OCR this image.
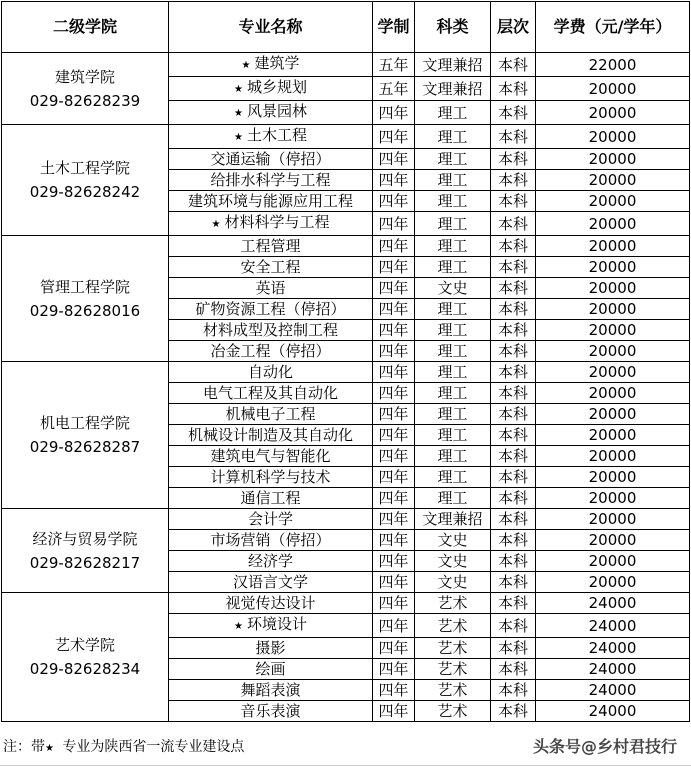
二级学院	专业名称	学制	科类	层次	学费（元/学年）

建筑学院
029-82628239	★ 建筑学	五年	文理兼招	本科	22000
	★ 城乡规划	五年	文理兼招	本科	20000
	★ 风景园林	四年	理工	本科	20000

土木工程学院
029-82628242	★ 土木工程	四年	理工	本科	20000
	交通运输（停招）	四年	理工	本科	20000
	给排水科学与工程	四年	理工	本科	20000
	建筑环境与能源应用工程	四年	理工	本科	20000
	★ 材料科学与工程	四年	理工	本科	20000

管理工程学院
029-82628016	工程管理	四年	理工	本科	20000
	安全工程	四年	理工	本科	20000
	英语	四年	文史	本科	20000
	矿物资源工程（停招）	四年	理工	本科	20000
	材料成型及控制工程	四年	理工	本科	20000
	冶金工程（停招）	四年	理工	本科	20000

机电工程学院
029-82628287	自动化	四年	理工	本科	20000
	电气工程及其自动化	四年	理工	本科	20000
	机械电子工程	四年	理工	本科	20000
	机械设计制造及其自动化	四年	理工	本科	20000
	建筑电气与智能化	四年	理工	本科	20000
	计算机科学与技术	四年	理工	本科	20000
	通信工程	四年	理工	本科	20000

经济与贸易学院
029-82628217	会计学	四年	文理兼招	本科	20000
	市场营销（停招）	四年	文史	本科	20000
	经济学	四年	文史	本科	20000
	汉语言文学	四年	文史	本科	20000

艺术学院
029-82628234	视觉传达设计	四年	艺术	本科	24000
	★ 环境设计	四年	艺术	本科	24000
	摄影	四年	艺术	本科	24000
	绘画	四年	艺术	本科	24000
	舞蹈表演	四年	艺术	本科	24000
	音乐表演	四年	艺术	本科	24000
注：带★ 专业为陕西省一流专业建设点	头条号@乡村君技行
